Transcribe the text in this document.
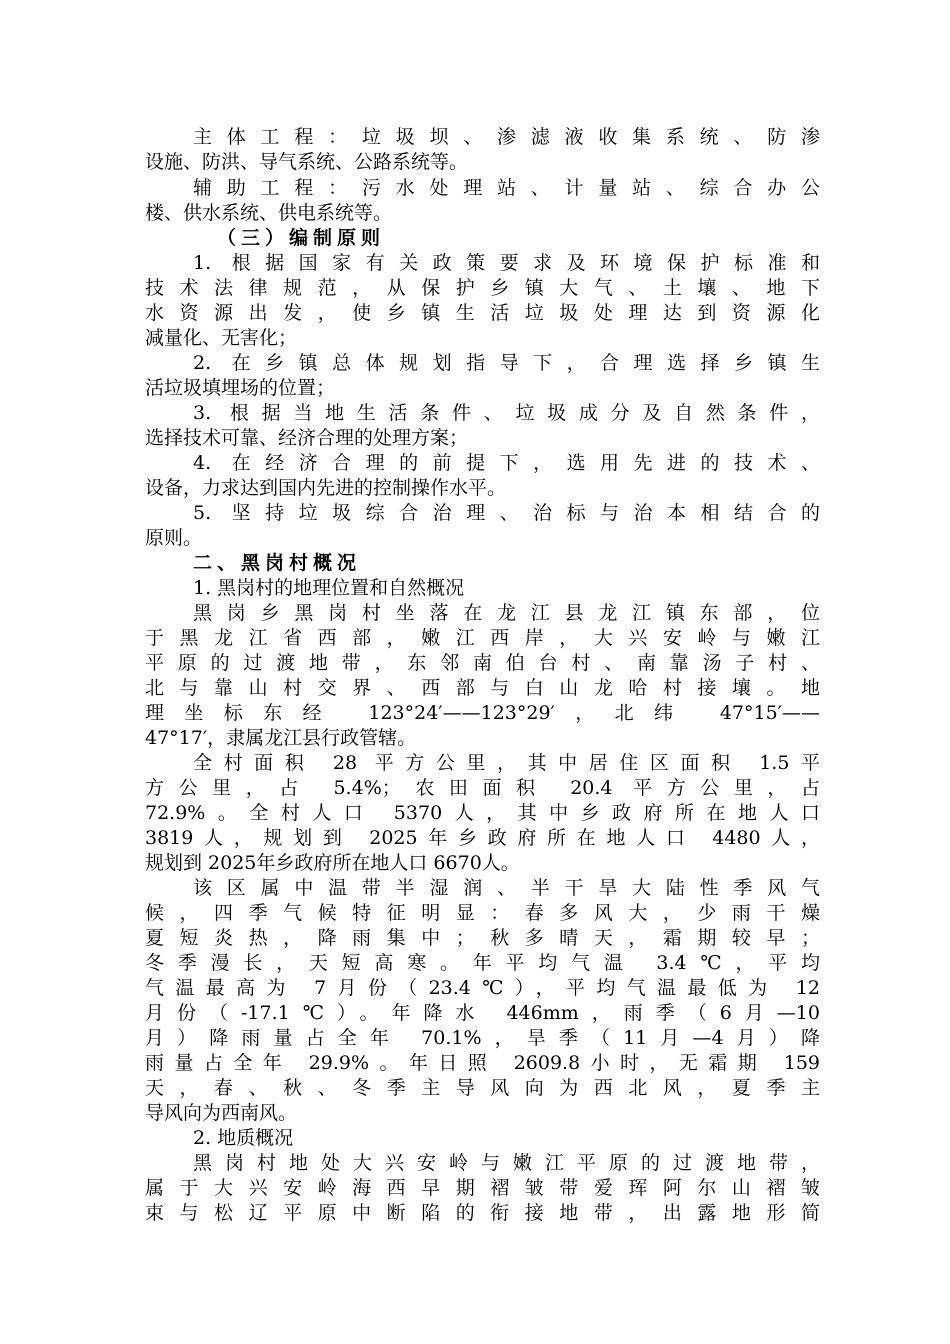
主体工程：垃圾坝、渗滤液收集系统、防渗
设施、防洪、导气系统、公路系统等。
辅助工程：污水处理站、计量站、综合办公
楼、供水系统、供电系统等。
（三）编制原则
1. 根据国家有关政策要求及环境保护标准和
技术法律规范，从保护乡镇大气、土壤、地下
水资源出发，使乡镇生活垃圾处理达到资源化
减量化、无害化；
2. 在乡镇总体规划指导下，合理选择乡镇生
活垃圾填埋场的位置；
3. 根据当地生活条件、垃圾成分及自然条件，
选择技术可靠、经济合理的处理方案；
4. 在经济合理的前提下，选用先进的技术、
设备，力求达到国内先进的控制操作水平。
5. 坚持垃圾综合治理、治标与治本相结合的
原则。
二、黑岗村概况
1. 黑岗村的地理位置和自然概况
黑岗乡黑岗村坐落在龙江县龙江镇东部，位
于黑龙江省西部，嫩江西岸，大兴安岭与嫩江
平原的过渡地带，东邻南伯台村、南靠汤子村、
北与靠山村交界、西部与白山龙哈村接壤。地
理坐标东经 123°24′——123°29′，北纬 47°15′——
47°17′，隶属龙江县行政管辖。
全村面积 28 平方公里，其中居住区面积 1.5平
方公里，占 5.4%；农田面积 20.4 平方公里，占
72.9%。全村人口 5370人，其中乡政府所在地人口
3819人，规划到 2025年乡政府所在地人口 4480人，
规划到 2025年乡政府所在地人口 6670人。
该区属中温带半湿润、半干旱大陆性季风气
候，四季气候特征明显：春多风大，少雨干燥
夏短炎热，降雨集中；秋多晴天，霜期较早；
冬季漫长，天短高寒。年平均气温 3.4℃，平均
气温最高为 7月份（23.4℃），平均气温最低为 12
月份（-17.1℃）。年降水 446mm，雨季（6月—10
月）降雨量占全年 70.1%，旱季（11月—4月）降
雨量占全年 29.9%。年日照 2609.8小时，无霜期 159
天，春、秋、冬季主导风向为西北风，夏季主
导风向为西南风。
2. 地质概况
黑岗村地处大兴安岭与嫩江平原的过渡地带，
属于大兴安岭海西早期褶皱带爱珲阿尔山褶皱
束与松辽平原中断陷的衔接地带，出露地形简
